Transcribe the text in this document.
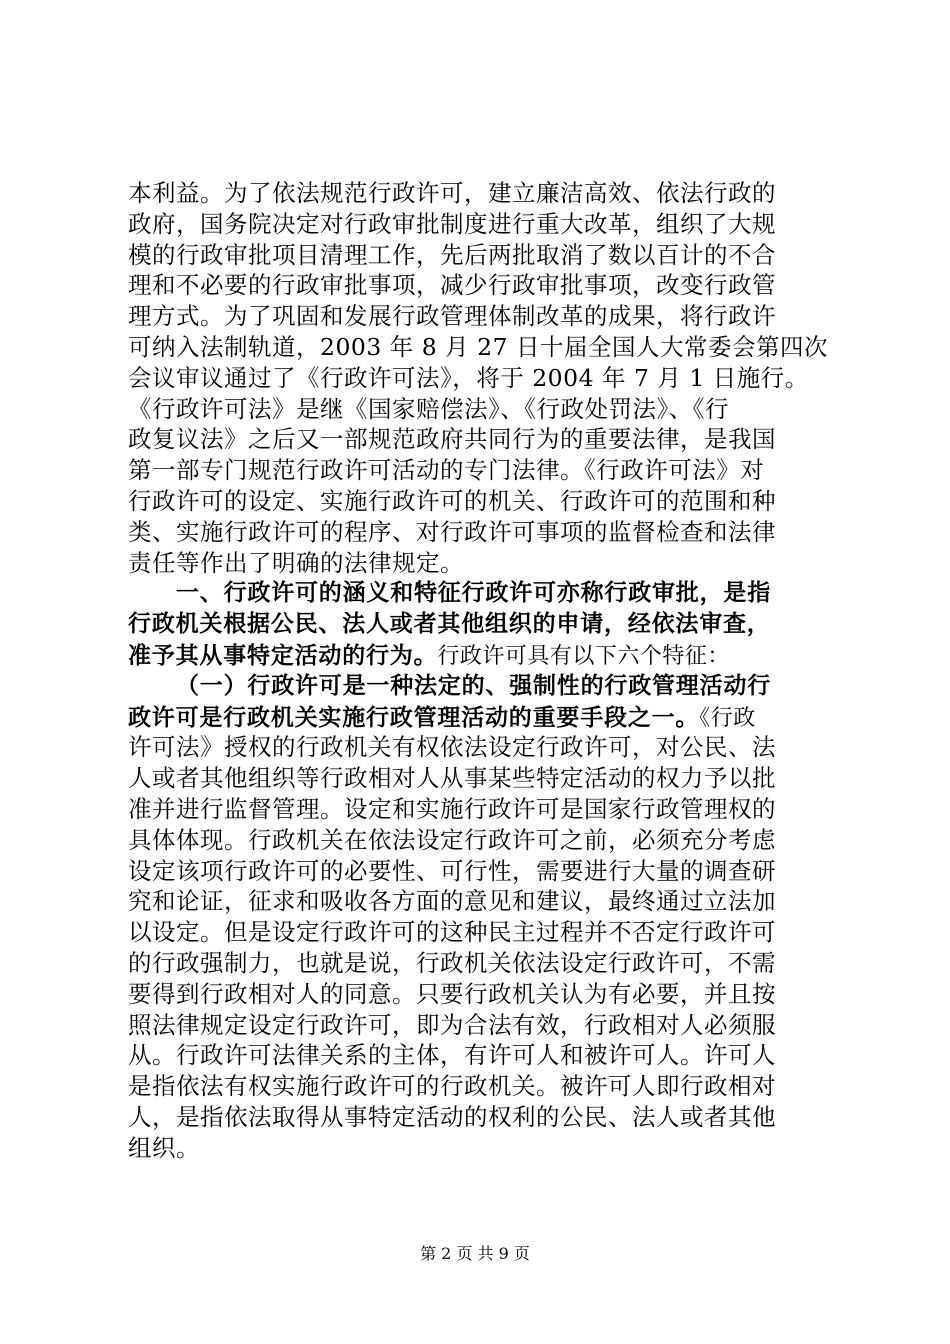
本利益。为了依法规范行政许可，建立廉洁高效、依法行政的
政府，国务院决定对行政审批制度进行重大改革，组织了大规
模的行政审批项目清理工作，先后两批取消了数以百计的不合
理和不必要的行政审批事项，减少行政审批事项，改变行政管
理方式。为了巩固和发展行政管理体制改革的成果，将行政许
可纳入法制轨道，2003 年 8 月 27 日十届全国人大常委会第四次
会议审议通过了《行政许可法》，将于 2004 年 7 月 1 日施行。
《行政许可法》是继《国家赔偿法》、《行政处罚法》、《行
政复议法》之后又一部规范政府共同行为的重要法律，是我国
第一部专门规范行政许可活动的专门法律。《行政许可法》对
行政许可的设定、实施行政许可的机关、行政许可的范围和种
类、实施行政许可的程序、对行政许可事项的监督检查和法律
责任等作出了明确的法律规定。
一、行政许可的涵义和特征行政许可亦称行政审批，是指
行政机关根据公民、法人或者其他组织的申请，经依法审查，
准予其从事特定活动的行为。行政许可具有以下六个特征：
（一）行政许可是一种法定的、强制性的行政管理活动行
政许可是行政机关实施行政管理活动的重要手段之一。《行政
许可法》授权的行政机关有权依法设定行政许可，对公民、法
人或者其他组织等行政相对人从事某些特定活动的权力予以批
准并进行监督管理。设定和实施行政许可是国家行政管理权的
具体体现。行政机关在依法设定行政许可之前，必须充分考虑
设定该项行政许可的必要性、可行性，需要进行大量的调查研
究和论证，征求和吸收各方面的意见和建议，最终通过立法加
以设定。但是设定行政许可的这种民主过程并不否定行政许可
的行政强制力，也就是说，行政机关依法设定行政许可，不需
要得到行政相对人的同意。只要行政机关认为有必要，并且按
照法律规定设定行政许可，即为合法有效，行政相对人必须服
从。行政许可法律关系的主体，有许可人和被许可人。许可人
是指依法有权实施行政许可的行政机关。被许可人即行政相对
人，是指依法取得从事特定活动的权利的公民、法人或者其他
组织。
第 2 页 共 9 页
